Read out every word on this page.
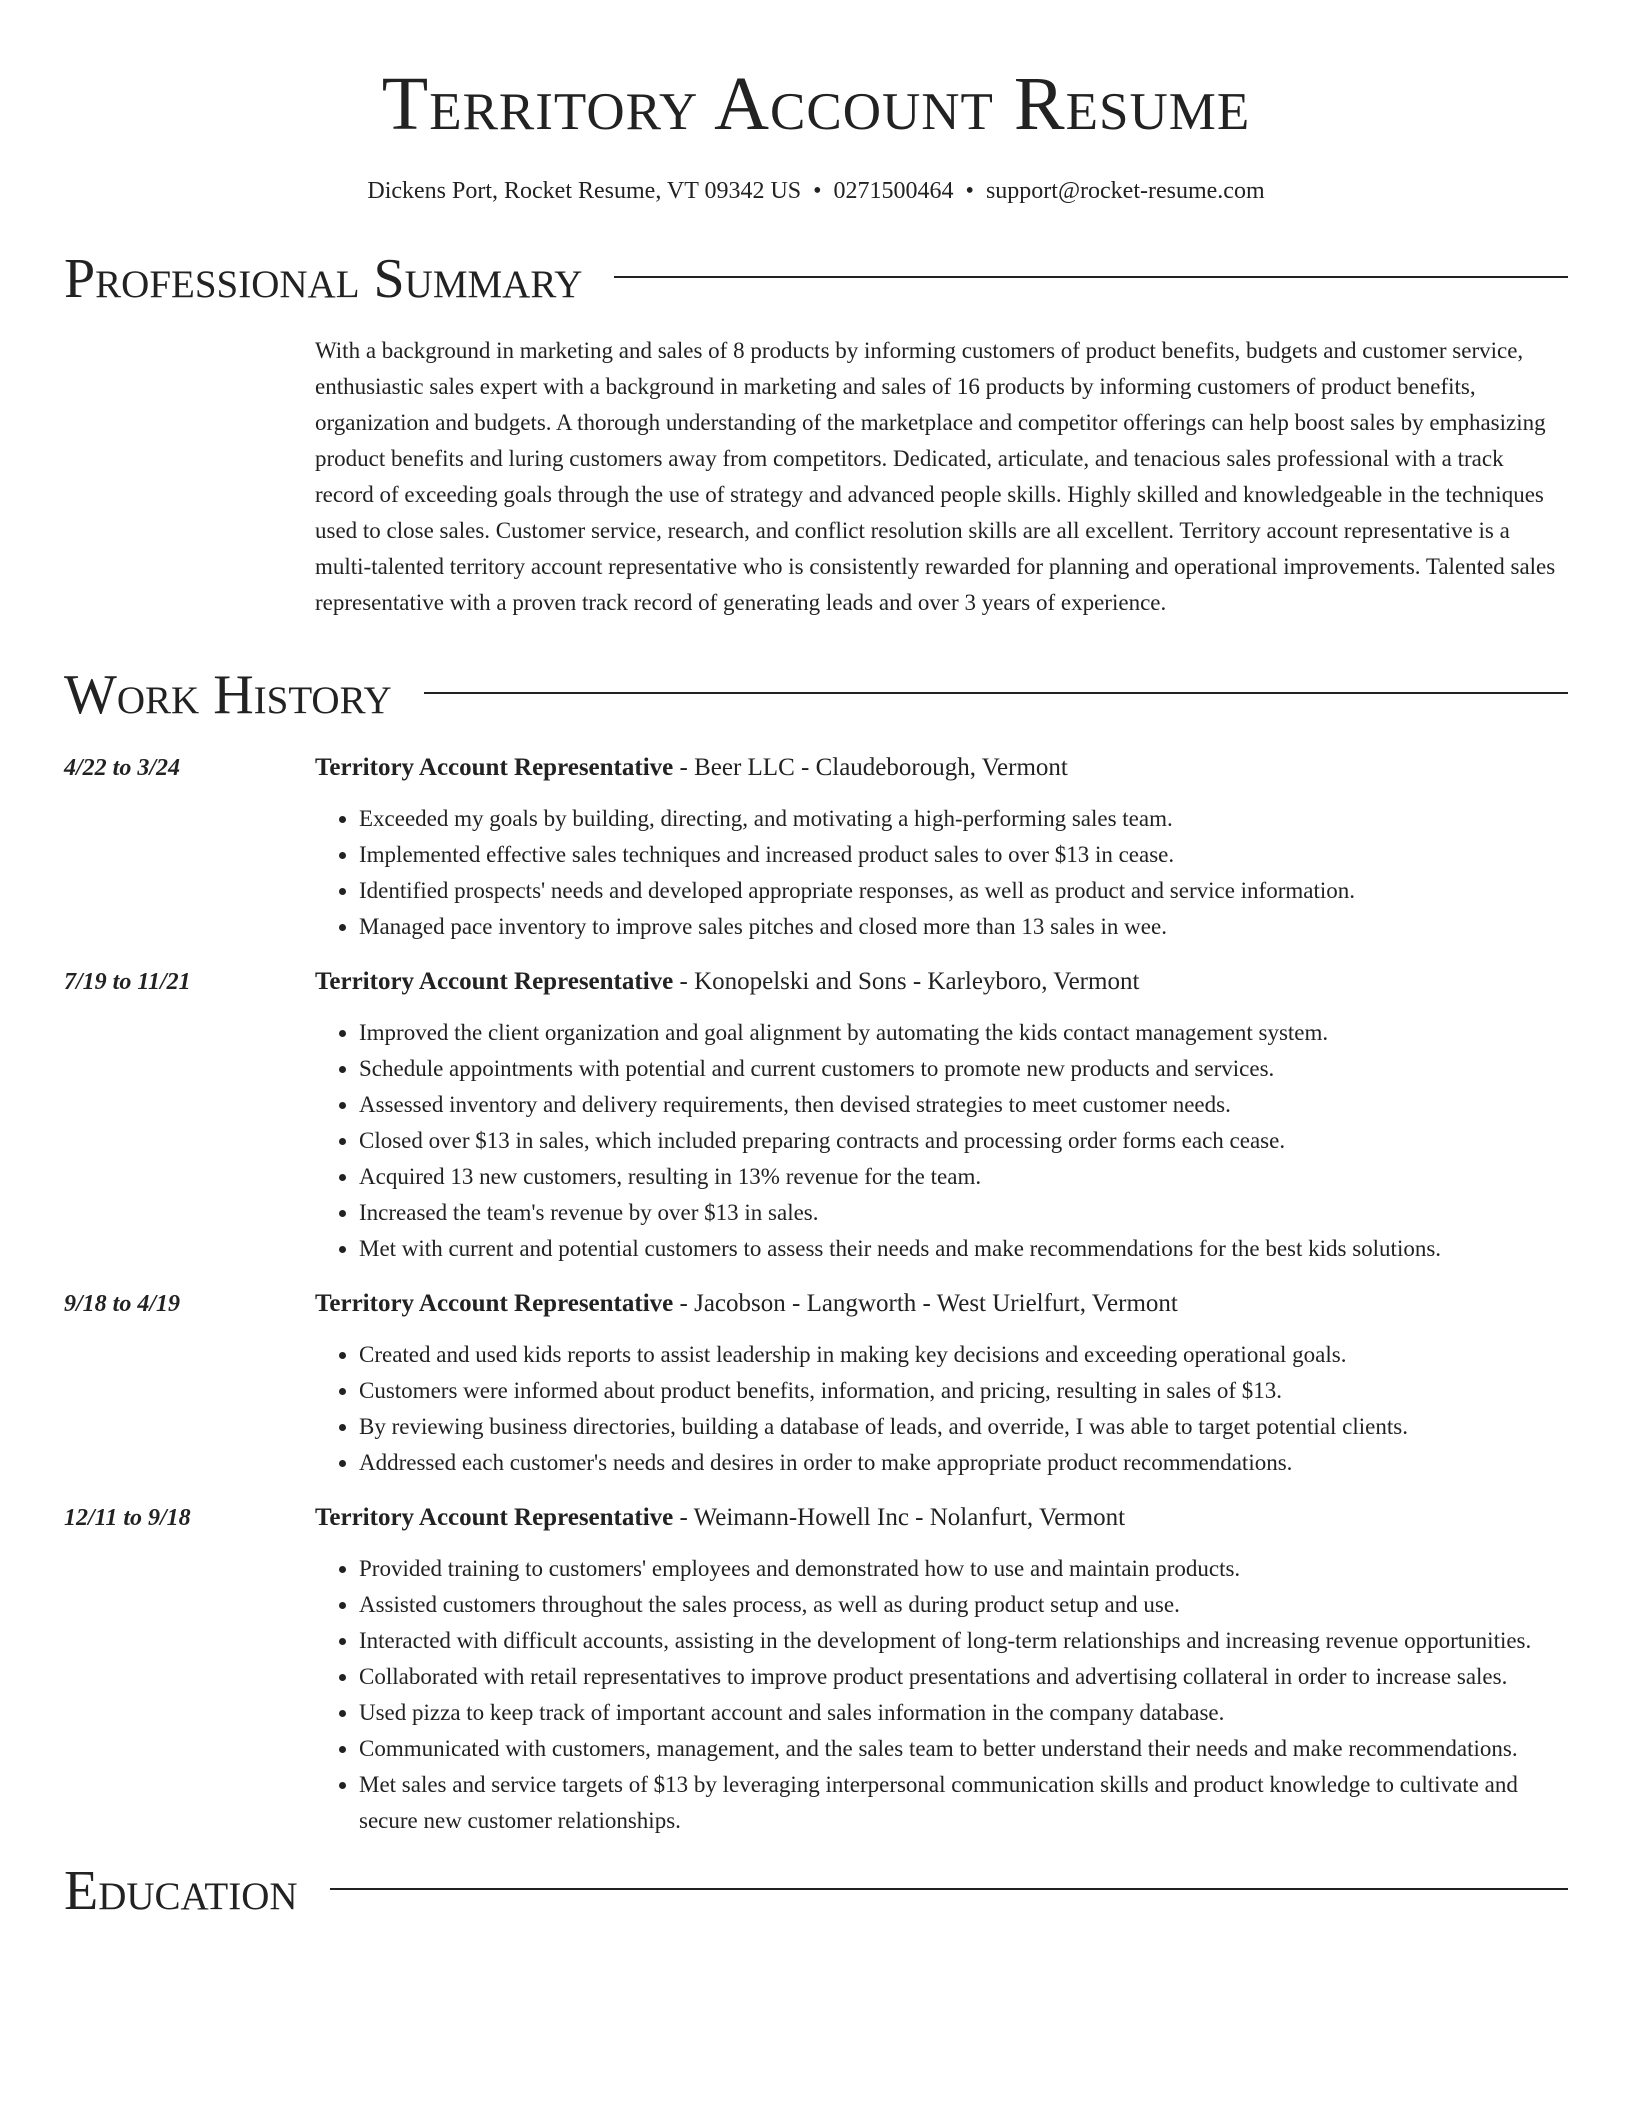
Territory Account Resume
Dickens Port, Rocket Resume, VT 09342 US • 0271500464 • support@rocket-resume.com
Professional Summary
With a background in marketing and sales of 8 products by informing customers of product benefits, budgets and customer service, enthusiastic sales expert with a background in marketing and sales of 16 products by informing customers of product benefits, organization and budgets. A thorough understanding of the marketplace and competitor offerings can help boost sales by emphasizing product benefits and luring customers away from competitors. Dedicated, articulate, and tenacious sales professional with a track record of exceeding goals through the use of strategy and advanced people skills. Highly skilled and knowledgeable in the techniques used to close sales. Customer service, research, and conflict resolution skills are all excellent. Territory account representative is a multi-talented territory account representative who is consistently rewarded for planning and operational improvements. Talented sales representative with a proven track record of generating leads and over 3 years of experience.
Work History
4/22 to 3/24	Territory Account Representative - Beer LLC - Claudeborough, Vermont
• Exceeded my goals by building, directing, and motivating a high-performing sales team.
• Implemented effective sales techniques and increased product sales to over $13 in cease.
• Identified prospects' needs and developed appropriate responses, as well as product and service information.
• Managed pace inventory to improve sales pitches and closed more than 13 sales in wee.
7/19 to 11/21	Territory Account Representative - Konopelski and Sons - Karleyboro, Vermont
• Improved the client organization and goal alignment by automating the kids contact management system.
• Schedule appointments with potential and current customers to promote new products and services.
• Assessed inventory and delivery requirements, then devised strategies to meet customer needs.
• Closed over $13 in sales, which included preparing contracts and processing order forms each cease.
• Acquired 13 new customers, resulting in 13% revenue for the team.
• Increased the team's revenue by over $13 in sales.
• Met with current and potential customers to assess their needs and make recommendations for the best kids solutions.
9/18 to 4/19	Territory Account Representative - Jacobson - Langworth - West Urielfurt, Vermont
• Created and used kids reports to assist leadership in making key decisions and exceeding operational goals.
• Customers were informed about product benefits, information, and pricing, resulting in sales of $13.
• By reviewing business directories, building a database of leads, and override, I was able to target potential clients.
• Addressed each customer's needs and desires in order to make appropriate product recommendations.
12/11 to 9/18	Territory Account Representative - Weimann-Howell Inc - Nolanfurt, Vermont
• Provided training to customers' employees and demonstrated how to use and maintain products.
• Assisted customers throughout the sales process, as well as during product setup and use.
• Interacted with difficult accounts, assisting in the development of long-term relationships and increasing revenue opportunities.
• Collaborated with retail representatives to improve product presentations and advertising collateral in order to increase sales.
• Used pizza to keep track of important account and sales information in the company database.
• Communicated with customers, management, and the sales team to better understand their needs and make recommendations.
• Met sales and service targets of $13 by leveraging interpersonal communication skills and product knowledge to cultivate and secure new customer relationships.
Education
